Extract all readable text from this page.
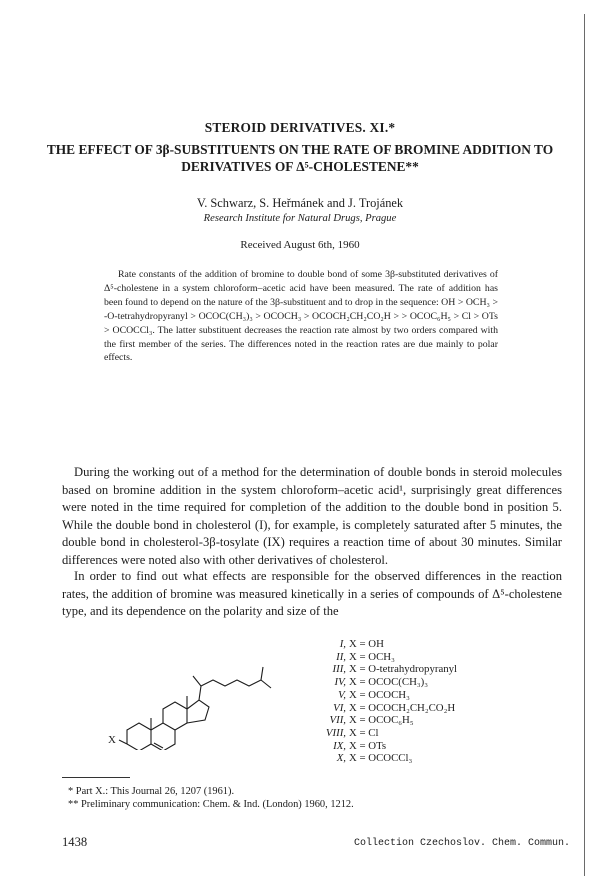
STEROID DERIVATIVES. XI.*
THE EFFECT OF 3β-SUBSTITUENTS ON THE RATE OF BROMINE ADDITION TO DERIVATIVES OF Δ⁵-CHOLESTENE**
V. Schwarz, S. Heřmánek and J. Trojánek
Research Institute for Natural Drugs, Prague
Received August 6th, 1960

Rate constants of the addition of bromine to double bond of some 3β-substituted derivatives of Δ⁵-cholestene in a system chloroform–acetic acid have been measured. The rate of addition has been found to depend on the nature of the 3β-substituent and to drop in the sequence: OH > OCH₃ > -O-tetrahydropyranyl > OCOC(CH₃)₃ > OCOCH₃ > OCOCH₂CH₂CO₂H > > OCOC₆H₅ > Cl > OTs > OCOCCl₃. The latter substituent decreases the reaction rate almost by two orders compared with the first member of the series. The differences noted in the reaction rates are due mainly to polar effects.

During the working out of a method for the determination of double bonds in steroid molecules based on bromine addition in the system chloroform–acetic acid¹, surprisingly great differences were noted in the time required for completion of the addition to the double bond in position 5. While the double bond in cholesterol (I), for example, is completely saturated after 5 minutes, the double bond in cholesterol-3β-tosylate (IX) requires a reaction time of about 30 minutes. Similar differences were noted also with other derivatives of cholesterol.

In order to find out what effects are responsible for the observed differences in the reaction rates, the addition of bromine was measured kinetically in a series of compounds of Δ⁵-cholestene type, and its dependence on the polarity and size of the

X
I, X = OH
II, X = OCH₃
III, X = O-tetrahydropyranyl
IV, X = OCOC(CH₃)₃
V, X = OCOCH₃
VI, X = OCOCH₂CH₂CO₂H
VII, X = OCOC₆H₅
VIII, X = Cl
IX, X = OTs
X, X = OCOCCl₃
* Part X.: This Journal 26, 1207 (1961).
** Preliminary communication: Chem. & Ind. (London) 1960, 1212.
1438	Collection Czechoslov. Chem. Commun.
